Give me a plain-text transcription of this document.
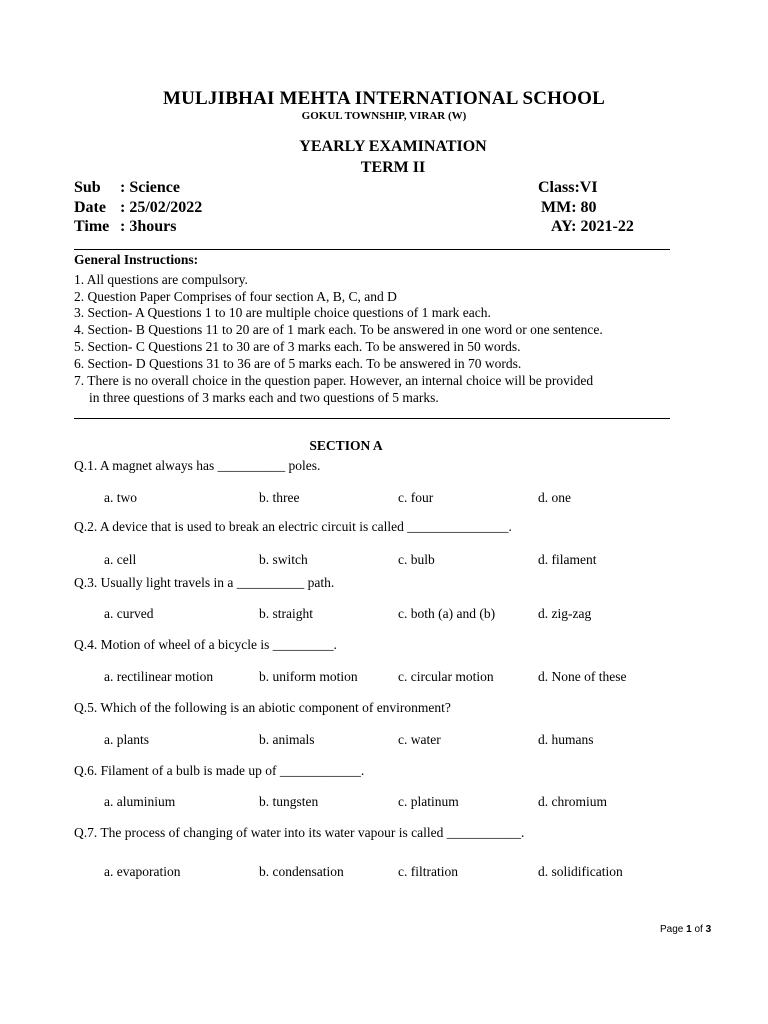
MULJIBHAI MEHTA INTERNATIONAL SCHOOL
GOKUL TOWNSHIP, VIRAR (W)
YEARLY EXAMINATION
TERM II
Sub : Science
Date : 25/02/2022
Time : 3hours
Class:VI
MM: 80
AY: 2021-22
General Instructions:
1. All questions are compulsory.
2. Question Paper Comprises of four section A, B, C, and D
3. Section- A Questions 1 to 10 are multiple choice questions of 1 mark each.
4. Section- B Questions 11 to 20 are of 1 mark each. To be answered in one word or one sentence.
5. Section- C Questions 21 to 30 are of 3 marks each. To be answered in 50 words.
6. Section- D Questions 31 to 36 are of 5 marks each. To be answered in 70 words.
7. There is no overall choice in the question paper. However, an internal choice will be provided
in three questions of 3 marks each and two questions of 5 marks.
SECTION A
Q.1. A magnet always has __________ poles.
a. two	b. three	c. four	d. one
Q.2. A device that is used to break an electric circuit is called _______________.
a. cell	b. switch	c. bulb	d. filament
Q.3. Usually light travels in a __________ path.
a. curved	b. straight	c. both (a) and (b)	d. zig-zag
Q.4. Motion of wheel of a bicycle is _________.
a. rectilinear motion	b. uniform motion	c. circular motion	d. None of these
Q.5. Which of the following is an abiotic component of environment?
a. plants	b. animals	c. water	d. humans
Q.6. Filament of a bulb is made up of ____________.
a. aluminium	b. tungsten	c. platinum	d. chromium
Q.7. The process of changing of water into its water vapour is called ___________.
a. evaporation	b. condensation	c. filtration	d. solidification
Page 1 of 3
